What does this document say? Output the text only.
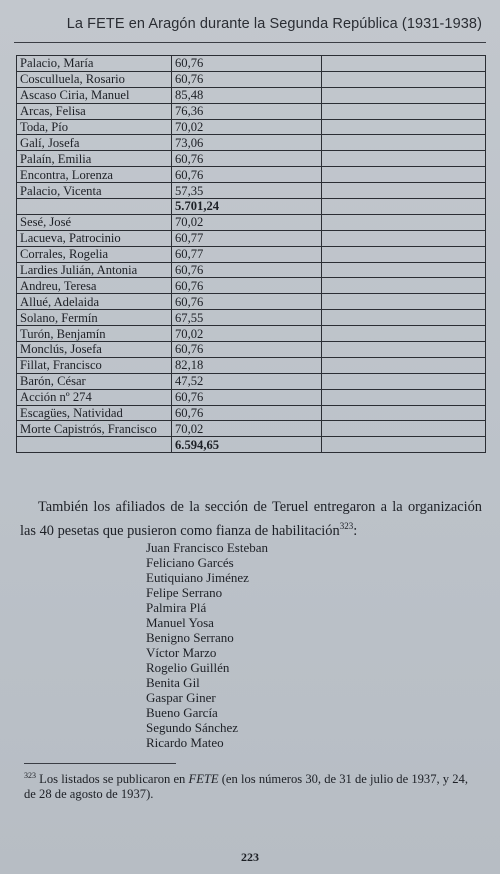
La FETE en Aragón durante la Segunda República (1931-1938)
Palacio, María	60,76	
Cosculluela, Rosario	60,76	
Ascaso Ciria, Manuel	85,48	
Arcas, Felisa	76,36	
Toda, Pío	70,02	
Galí, Josefa	73,06	
Palaín, Emilia	60,76	
Encontra, Lorenza	60,76	
Palacio, Vicenta	57,35	
	5.701,24	
Sesé, José	70,02	
Lacueva, Patrocinio	60,77	
Corrales, Rogelia	60,77	
Lardies Julián, Antonia	60,76	
Andreu, Teresa	60,76	
Allué, Adelaida	60,76	
Solano, Fermín	67,55	
Turón, Benjamín	70,02	
Monclús, Josefa	60,76	
Fillat, Francisco	82,18	
Barón, César	47,52	
Acción nº 274	60,76	
Escagües, Natividad	60,76	
Morte Capistrós, Francisco	70,02	
	6.594,65	

También los afiliados de la sección de Teruel entregaron a la organización las 40 pesetas que pusieron como fianza de habilitación$^{323}$:

Juan Francisco Esteban
Feliciano Garcés
Eutiquiano Jiménez
Felipe Serrano
Palmira Plá
Manuel Yosa
Benigno Serrano
Víctor Marzo
Rogelio Guillén
Benita Gil
Gaspar Giner
Bueno García
Segundo Sánchez
Ricardo Mateo
$^{323}$ Los listados se publicaron en FETE (en los números 30, de 31 de julio de 1937, y 24, de 28 de agosto de 1937).
223
